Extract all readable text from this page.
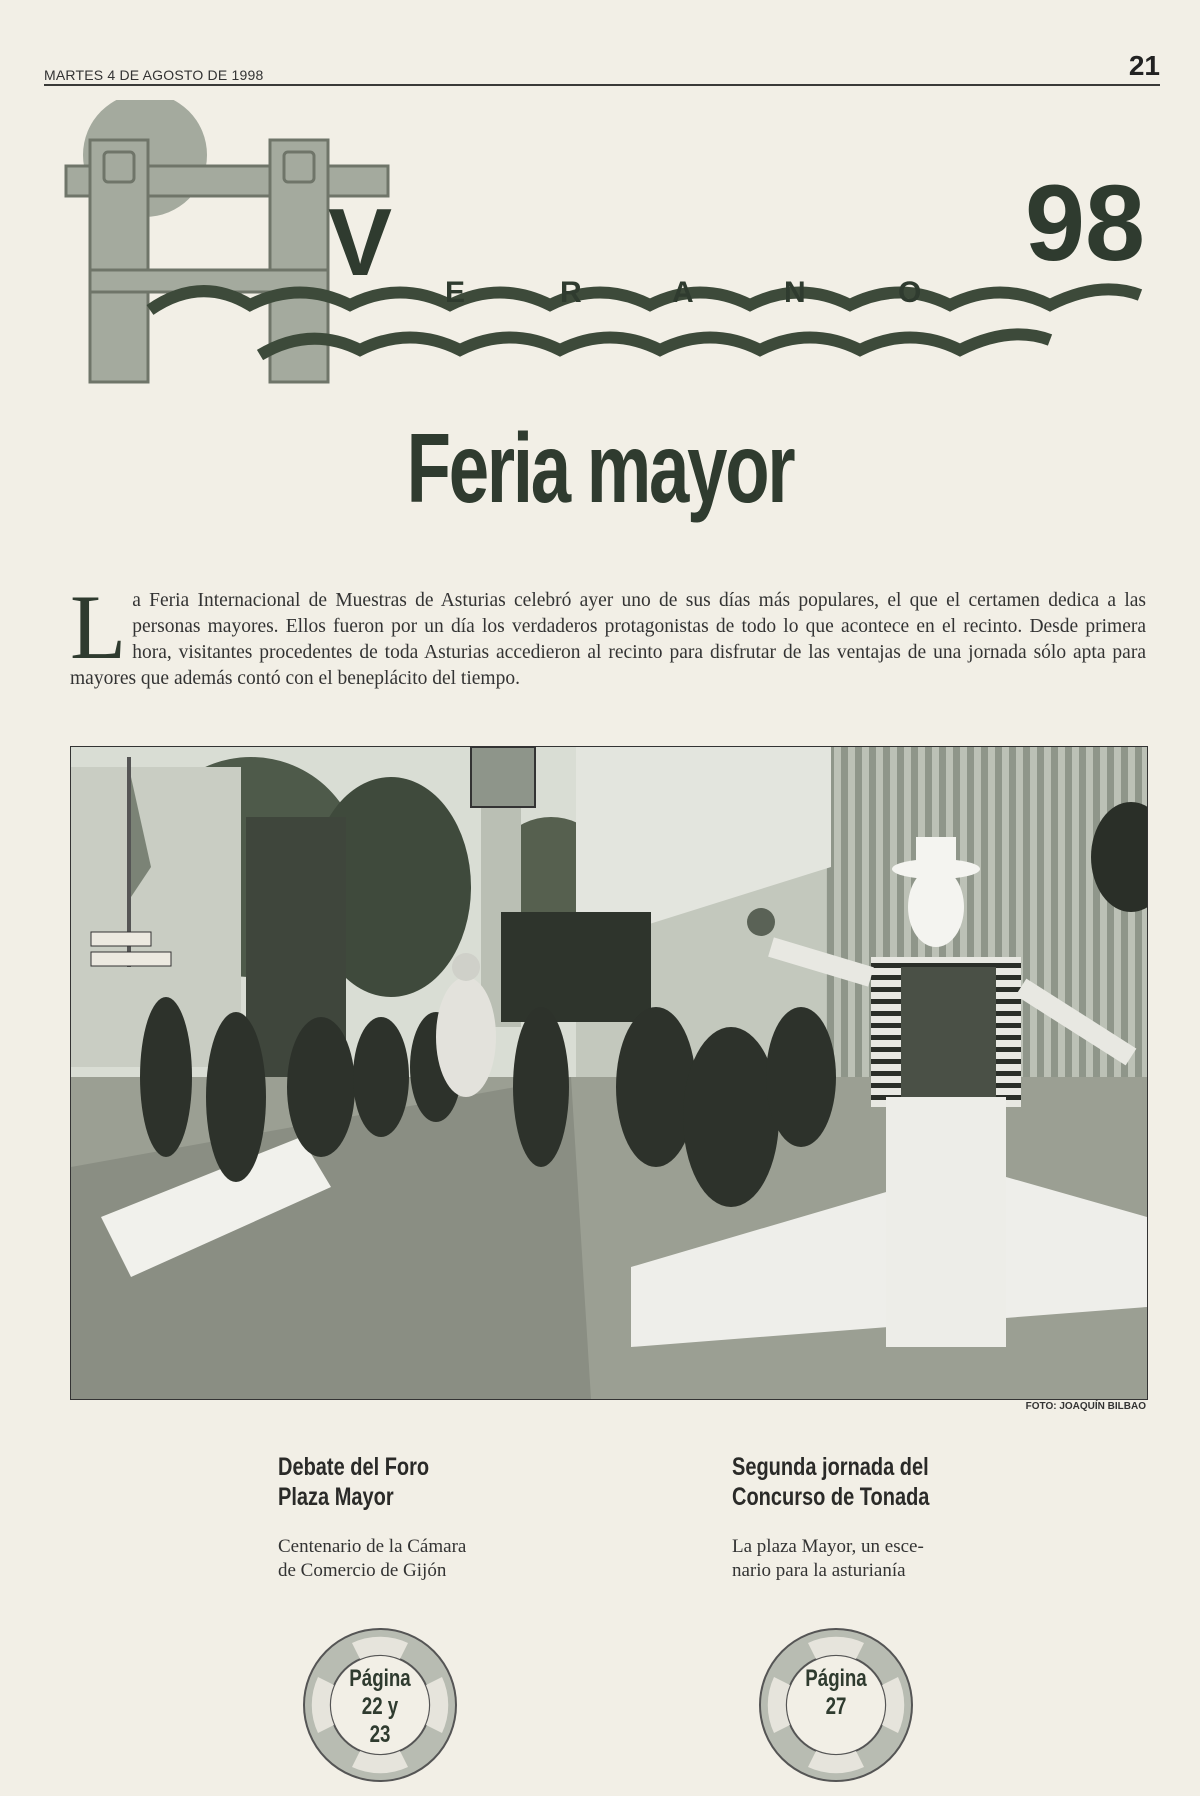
MARTES 4 DE AGOSTO DE 1998	21
V E	R	A	N	O
98
Feria mayor
La Feria Internacional de Muestras de Asturias celebró ayer uno de sus días más populares, el que el certamen dedica a las personas mayores. Ellos fueron por un día los verdaderos protagonistas de todo lo que acontece en el recinto. Desde primera hora, visitantes procedentes de toda Asturias accedieron al recinto para disfrutar de las ventajas de una jornada sólo apta para mayores que además contó con el beneplácito del tiempo.
FOTO: JOAQUÍN BILBAO
Debate del Foro
Plaza Mayor
Centenario de la Cámara
de Comercio de Gijón
Página
22 y 23
Segunda jornada del
Concurso de Tonada
La plaza Mayor, un esce-
nario para la asturianía
Página
27
